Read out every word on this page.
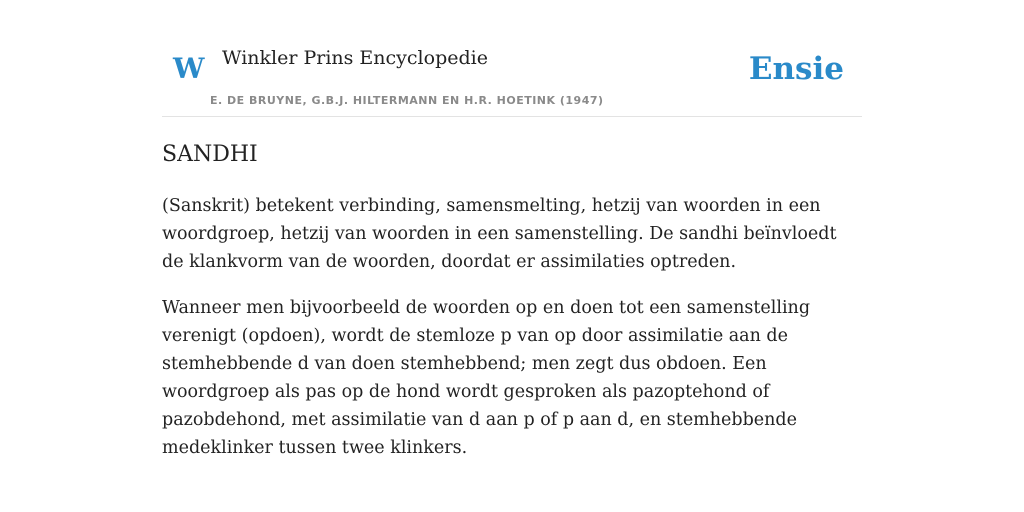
W Winkler Prins Encyclopedie
E. DE BRUYNE, G.B.J. HILTERMANN EN H.R. HOETINK (1947)
Ensie
SANDHI

(Sanskrit) betekent verbinding, samensmelting, hetzij van woorden in een woordgroep, hetzij van woorden in een samenstelling. De sandhi beïnvloedt de klankvorm van de woorden, doordat er assimilaties optreden.

Wanneer men bijvoorbeeld de woorden op en doen tot een samenstelling verenigt (opdoen), wordt de stemloze p van op door assimilatie aan de stemhebbende d van doen stemhebbend; men zegt dus obdoen. Een woordgroep als pas op de hond wordt gesproken als pazoptehond of pazobdehond, met assimilatie van d aan p of p aan d, en stemhebbende medeklinker tussen twee klinkers.
